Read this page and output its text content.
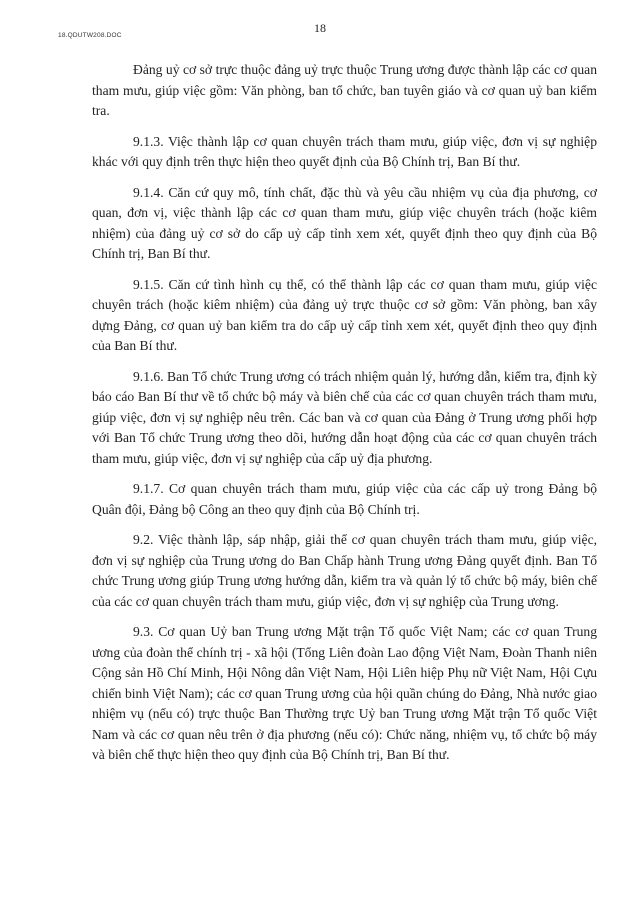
18.QDUTW208.DOC
18

Đảng uỷ cơ sở trực thuộc đảng uỷ trực thuộc Trung ương được thành lập các cơ quan tham mưu, giúp việc gồm: Văn phòng, ban tổ chức, ban tuyên giáo và cơ quan uỷ ban kiểm tra.

9.1.3. Việc thành lập cơ quan chuyên trách tham mưu, giúp việc, đơn vị sự nghiệp khác với quy định trên thực hiện theo quyết định của Bộ Chính trị, Ban Bí thư.

9.1.4. Căn cứ quy mô, tính chất, đặc thù và yêu cầu nhiệm vụ của địa phương, cơ quan, đơn vị, việc thành lập các cơ quan tham mưu, giúp việc chuyên trách (hoặc kiêm nhiệm) của đảng uỷ cơ sở do cấp uỷ cấp tỉnh xem xét, quyết định theo quy định của Bộ Chính trị, Ban Bí thư.

9.1.5. Căn cứ tình hình cụ thể, có thể thành lập các cơ quan tham mưu, giúp việc chuyên trách (hoặc kiêm nhiệm) của đảng uỷ trực thuộc cơ sở gồm: Văn phòng, ban xây dựng Đảng, cơ quan uỷ ban kiểm tra do cấp uỷ cấp tỉnh xem xét, quyết định theo quy định của Ban Bí thư.

9.1.6. Ban Tổ chức Trung ương có trách nhiệm quản lý, hướng dẫn, kiểm tra, định kỳ báo cáo Ban Bí thư về tổ chức bộ máy và biên chế của các cơ quan chuyên trách tham mưu, giúp việc, đơn vị sự nghiệp nêu trên. Các ban và cơ quan của Đảng ở Trung ương phối hợp với Ban Tổ chức Trung ương theo dõi, hướng dẫn hoạt động của các cơ quan chuyên trách tham mưu, giúp việc, đơn vị sự nghiệp của cấp uỷ địa phương.

9.1.7. Cơ quan chuyên trách tham mưu, giúp việc của các cấp uỷ trong Đảng bộ Quân đội, Đảng bộ Công an theo quy định của Bộ Chính trị.

9.2. Việc thành lập, sáp nhập, giải thể cơ quan chuyên trách tham mưu, giúp việc, đơn vị sự nghiệp của Trung ương do Ban Chấp hành Trung ương Đảng quyết định. Ban Tổ chức Trung ương giúp Trung ương hướng dẫn, kiểm tra và quản lý tổ chức bộ máy, biên chế của các cơ quan chuyên trách tham mưu, giúp việc, đơn vị sự nghiệp của Trung ương.

9.3. Cơ quan Uỷ ban Trung ương Mặt trận Tổ quốc Việt Nam; các cơ quan Trung ương của đoàn thể chính trị - xã hội (Tổng Liên đoàn Lao động Việt Nam, Đoàn Thanh niên Cộng sản Hồ Chí Minh, Hội Nông dân Việt Nam, Hội Liên hiệp Phụ nữ Việt Nam, Hội Cựu chiến binh Việt Nam); các cơ quan Trung ương của hội quần chúng do Đảng, Nhà nước giao nhiệm vụ (nếu có) trực thuộc Ban Thường trực Uỷ ban Trung ương Mặt trận Tổ quốc Việt Nam và các cơ quan nêu trên ở địa phương (nếu có): Chức năng, nhiệm vụ, tổ chức bộ máy và biên chế thực hiện theo quy định của Bộ Chính trị, Ban Bí thư.
